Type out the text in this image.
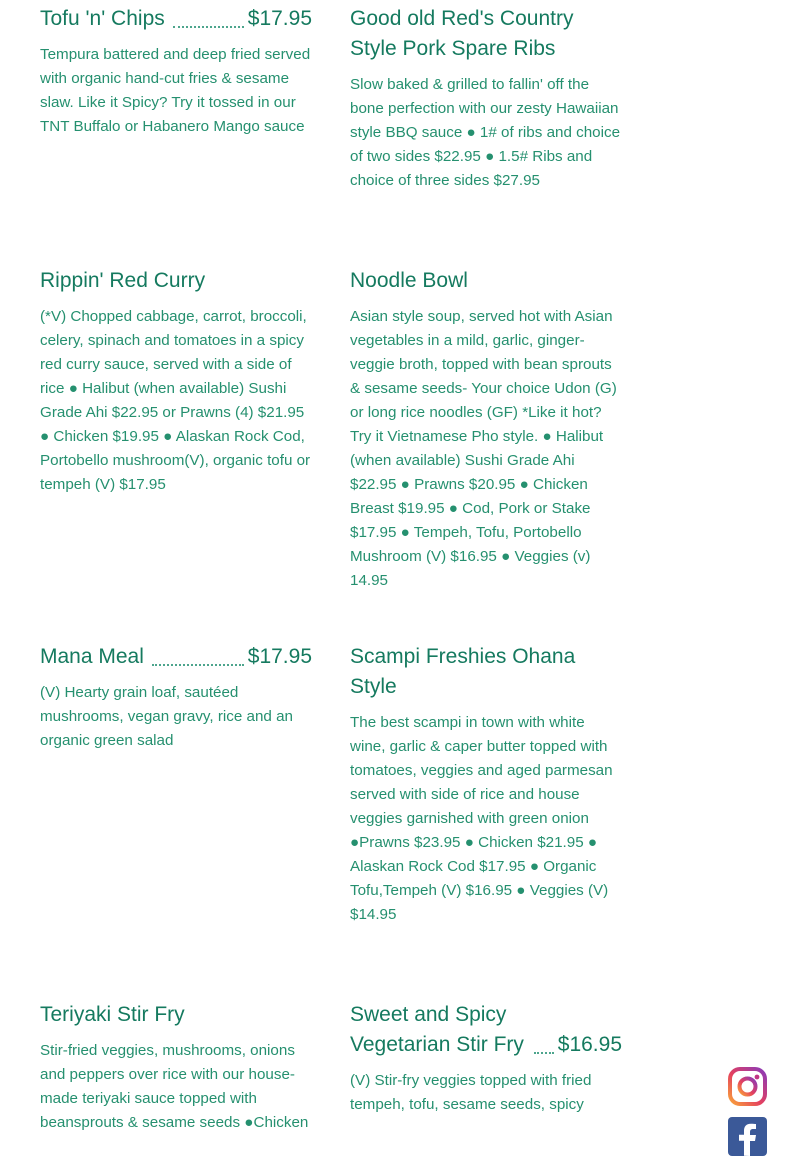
Tofu 'n' Chips	$17.95
Tempura battered and deep fried served with organic hand-cut fries & sesame slaw. Like it Spicy? Try it tossed in our TNT Buffalo or Habanero Mango sauce
Rippin' Red Curry
(*V) Chopped cabbage, carrot, broccoli, celery, spinach and tomatoes in a spicy red curry sauce, served with a side of rice ● Halibut (when available) Sushi Grade Ahi $22.95 or Prawns (4) $21.95 ● Chicken $19.95 ● Alaskan Rock Cod, Portobello mushroom(V), organic tofu or tempeh (V) $17.95
Mana Meal	$17.95
(V) Hearty grain loaf, sautéed mushrooms, vegan gravy, rice and an organic green salad
Teriyaki Stir Fry
Stir-fried veggies, mushrooms, onions and peppers over rice with our house-made teriyaki sauce topped with beansprouts & sesame seeds ●Chicken
Good old Red's Country Style Pork Spare Ribs
Slow baked & grilled to fallin' off the bone perfection with our zesty Hawaiian style BBQ sauce ● 1# of ribs and choice of two sides $22.95 ● 1.5# Ribs and choice of three sides $27.95
Noodle Bowl
Asian style soup, served hot with Asian vegetables in a mild, garlic, ginger-veggie broth, topped with bean sprouts & sesame seeds- Your choice Udon (G) or long rice noodles (GF) *Like it hot? Try it Vietnamese Pho style. ● Halibut (when available) Sushi Grade Ahi $22.95 ● Prawns $20.95 ● Chicken Breast $19.95 ● Cod, Pork or Stake $17.95 ● Tempeh, Tofu, Portobello Mushroom (V) $16.95 ● Veggies (v) 14.95
Scampi Freshies Ohana Style
The best scampi in town with white wine, garlic & caper butter topped with tomatoes, veggies and aged parmesan served with side of rice and house veggies garnished with green onion ●Prawns $23.95 ● Chicken $21.95 ● Alaskan Rock Cod $17.95 ● Organic Tofu,Tempeh (V) $16.95 ● Veggies (V) $14.95
Sweet and Spicy Vegetarian Stir Fry $16.95
(V) Stir-fry veggies topped with fried tempeh, tofu, sesame seeds, spicy
